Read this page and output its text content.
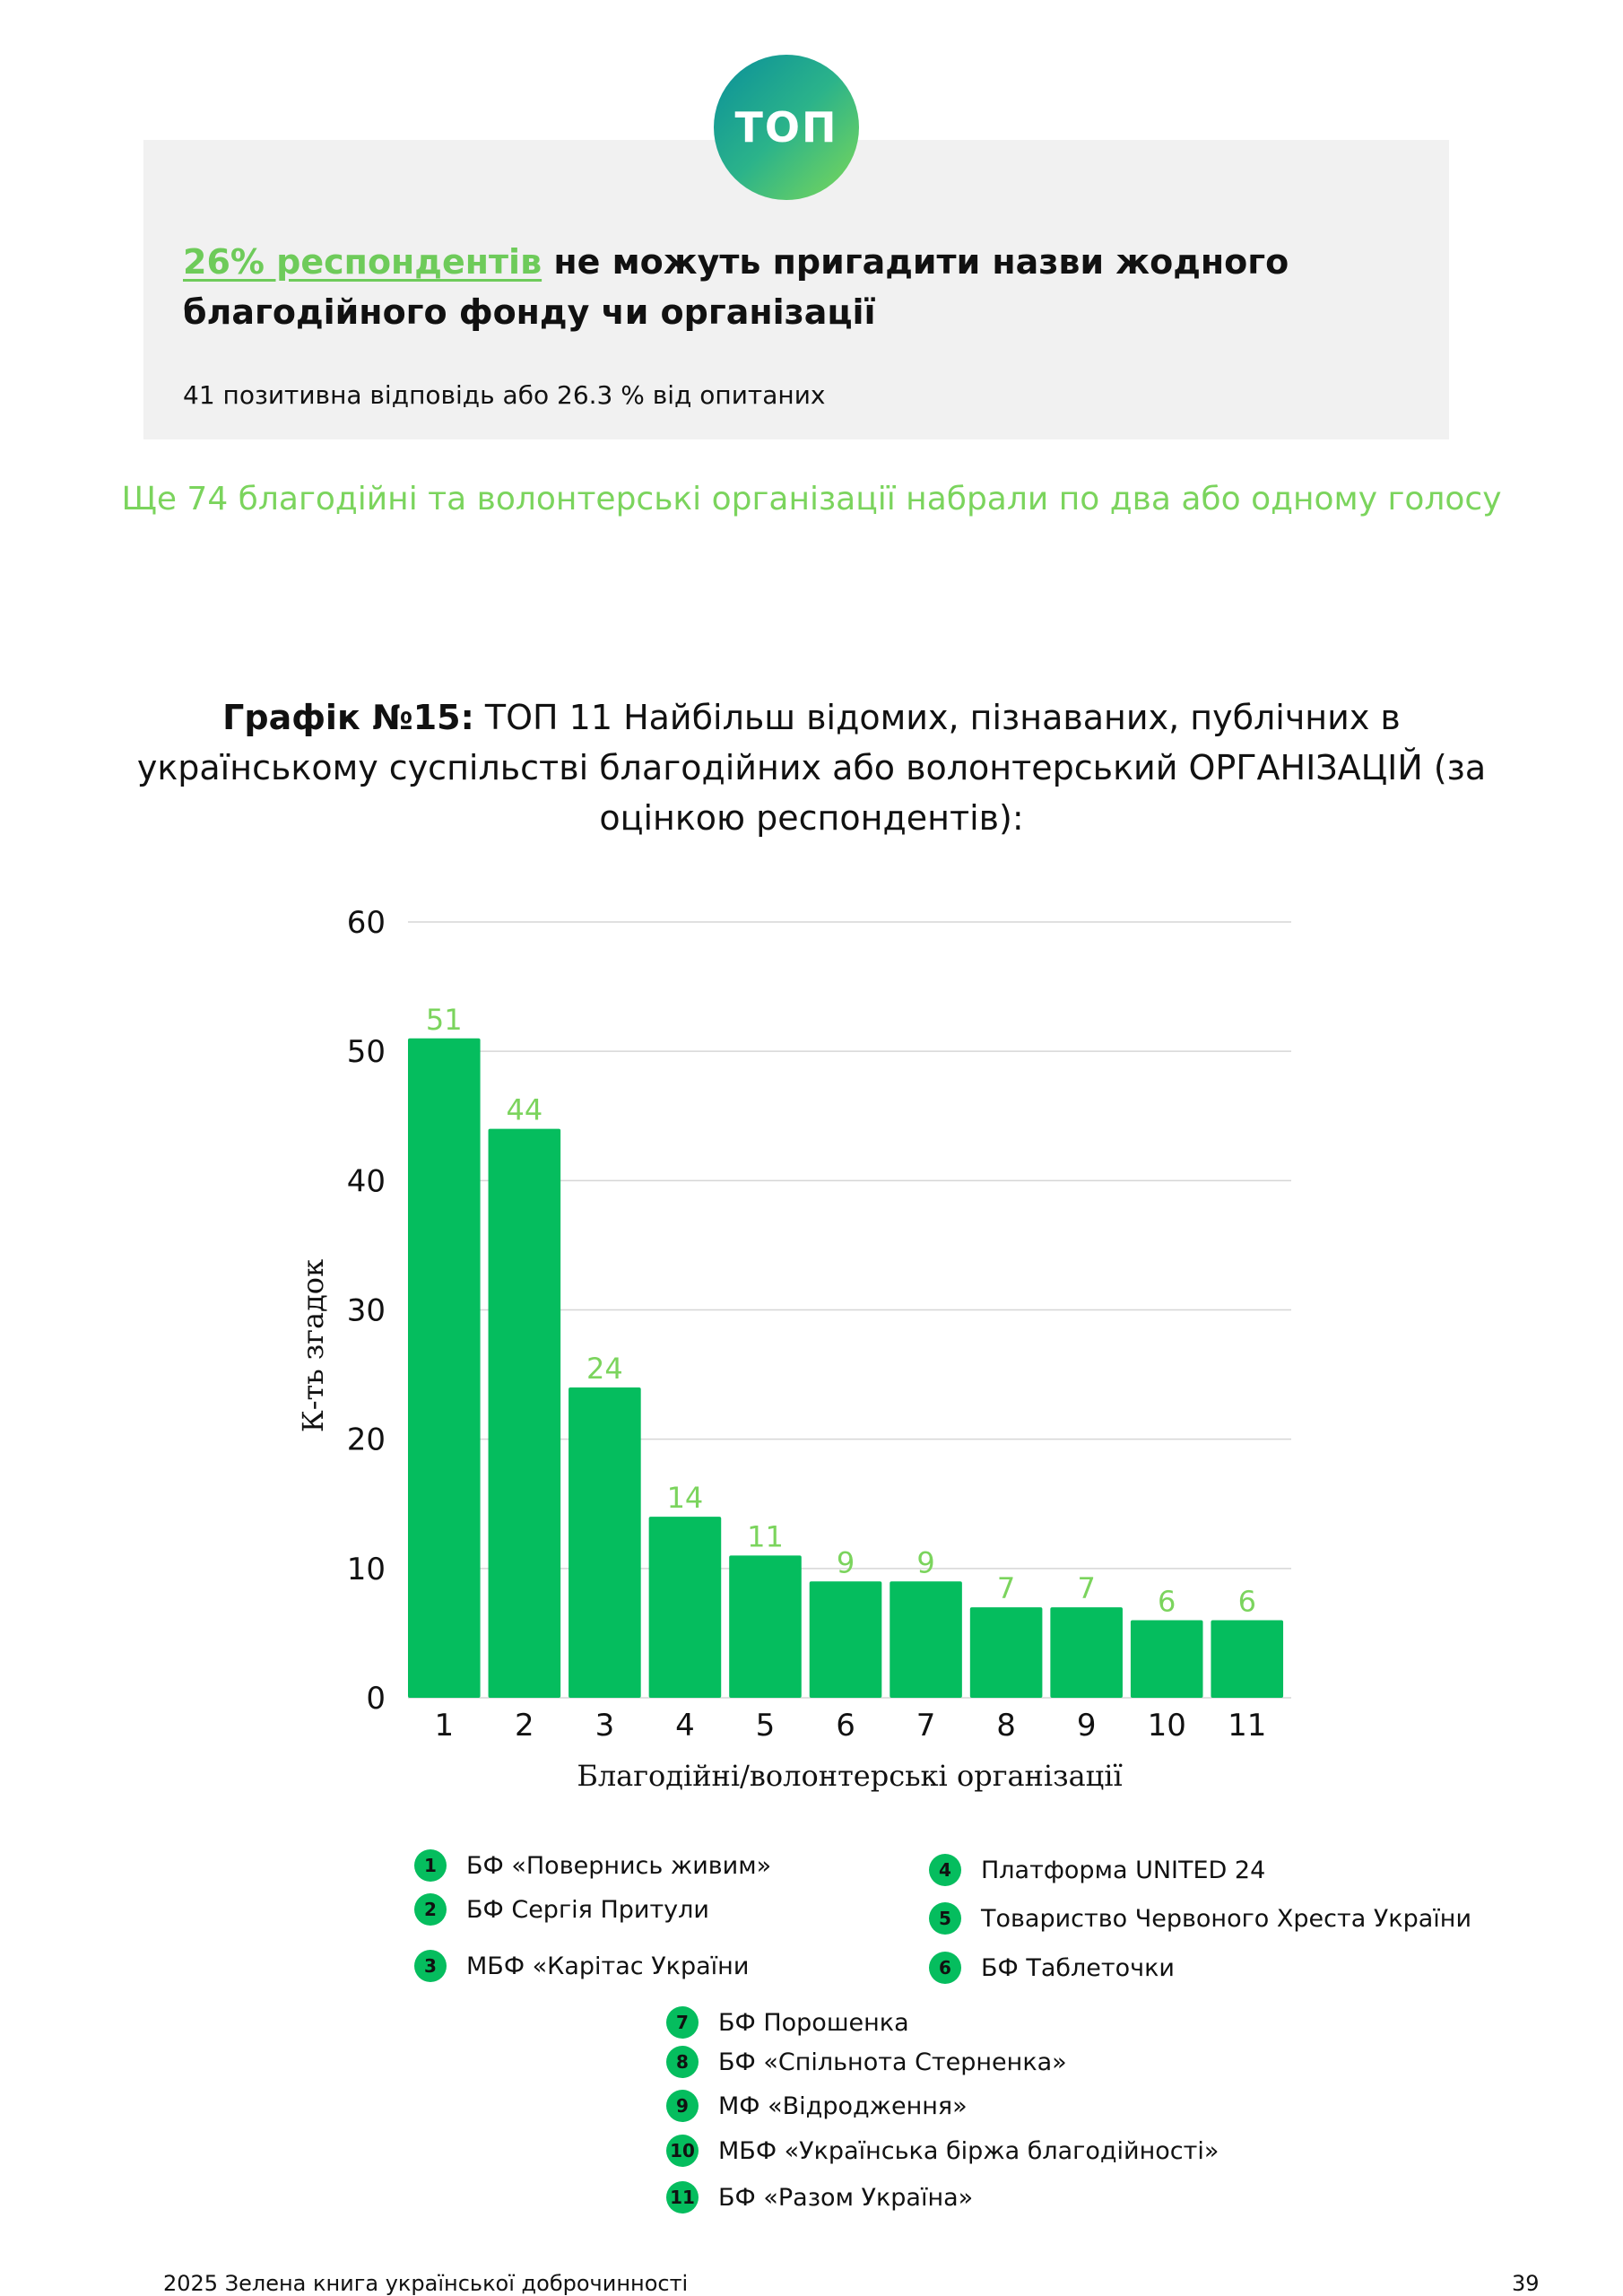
ТОП
26% респондентів не можуть пригадити назви жодного благодійного фонду чи організації
41 позитивна відповідь або 26.3 % від опитаних
Ще 74 благодійні та волонтерські організації набрали по два або одному голосу
Графік №15: ТОП 11 Найбільш відомих, пізнаваних, публічних в українському суспільстві благодійних або волонтерський ОРГАНІЗАЦІЙ (за оцінкою респондентів):
0
10
20
30
40
50
60
51
1
44
2
24
3
14
4
11
5
9
6
9
7
7
8
7
9
6
10
6
11
Благодійні/волонтерські організації
К-ть згадок
1	БФ «Повернись живим»
2	БФ Сергія Притули
3	МБФ «Карітас України
4	Платформа UNITED 24
5	Товариство Червоного Хреста України
6	БФ Таблеточки
7	БФ Порошенка
8	БФ «Спільнота Стерненка»
9	МФ «Відродження»
10 МБФ «Українська біржа благодійності»
11 БФ «Разом Україна»
2025 Зелена книга української доброчинності	39
